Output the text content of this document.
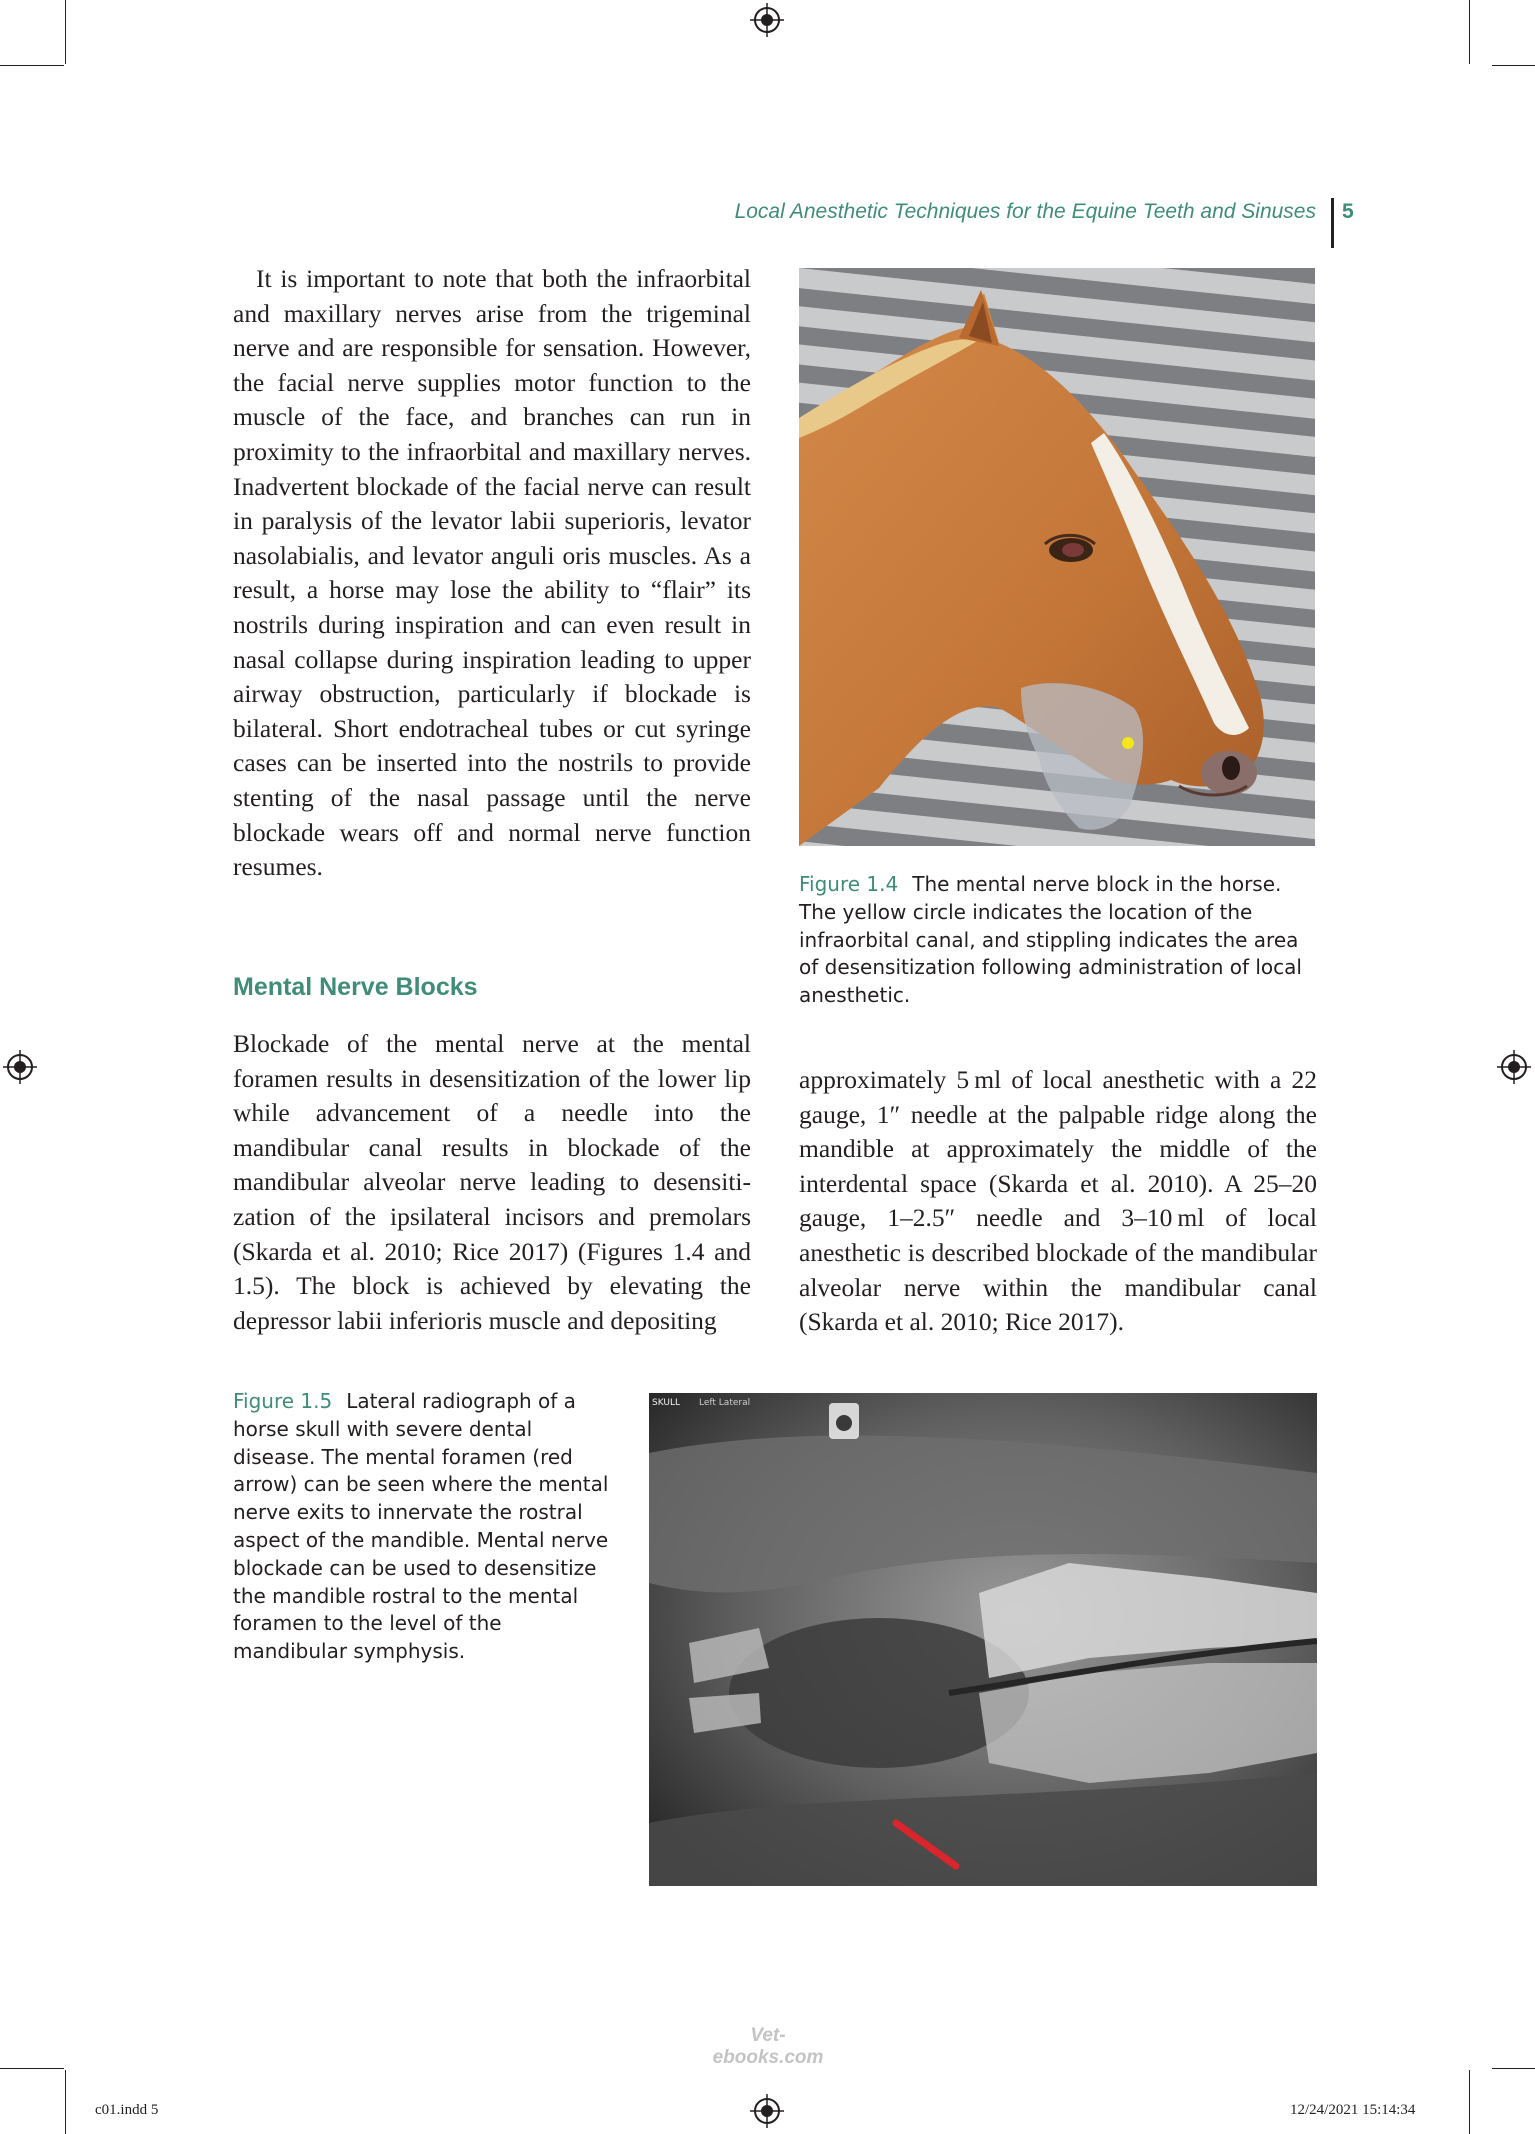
Local Anesthetic Techniques for the Equine Teeth and Sinuses 5

It is important to note that both the infraorbital and maxillary nerves arise from the trigeminal nerve and are responsible for sensation. However, the facial nerve supplies motor function to the muscle of the face, and branches can run in proximity to the infraorbital and maxillary nerves. Inadvertent blockade of the facial nerve can result in paralysis of the levator labii superioris, levator nasolabialis, and levator anguli oris muscles. As a result, a horse may lose the ability to “flair” its nostrils during inspiration and can even result in nasal collapse during inspiration leading to upper airway obstruction, particularly if blockade is bilateral. Short endotracheal tubes or cut syringe cases can be inserted into the nostrils to provide stenting of the nasal passage until the nerve blockade wears off and normal nerve function resumes.

Mental Nerve Blocks

Blockade of the mental nerve at the mental foramen results in desensitization of the lower lip while advancement of a needle into the mandibular canal results in blockade of the mandibular alveolar nerve leading to desensitization of the ipsilateral incisors and premolars (Skarda et al. 2010; Rice 2017) (Figures 1.4 and 1.5). The block is achieved by elevating the depressor labii inferioris muscle and depositing

Figure 1.4 The mental nerve block in the horse. The yellow circle indicates the location of the infraorbital canal, and stippling indicates the area of desensitization following administration of local anesthetic.

approximately 5 ml of local anesthetic with a 22 gauge, 1″ needle at the palpable ridge along the mandible at approximately the middle of the interdental space (Skarda et al. 2010). A 25–20 gauge, 1–2.5″ needle and 3–10 ml of local anesthetic is described blockade of the mandibular alveolar nerve within the mandibular canal (Skarda et al. 2010; Rice 2017).

Figure 1.5 Lateral radiograph of a horse skull with severe dental disease. The mental foramen (red arrow) can be seen where the mental nerve exits to innervate the rostral aspect of the mandible. Mental nerve blockade can be used to desensitize the mandible rostral to the mental foramen to the level of the mandibular symphysis.

SKULL Left Lateral
Vet-ebooks.com
c01.indd 5	12/24/2021 15:14:34
